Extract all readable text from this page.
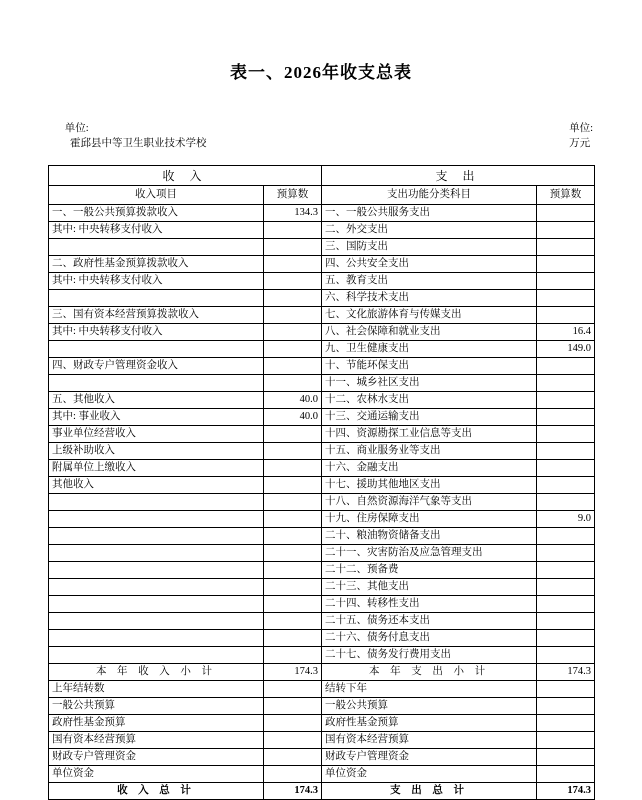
表一、2026年收支总表

单位:
霍邱县中等卫生职业技术学校

单位:
万元

收 入		支 出	
收入项目	预算数	支出功能分类科目	预算数
一、一般公共预算拨款收入	134.3	一、一般公共服务支出	
其中: 中央转移支付收入		二、外交支出	
		三、国防支出	
二、政府性基金预算拨款收入		四、公共安全支出	
其中: 中央转移支付收入		五、教育支出	
		六、科学技术支出	
三、国有资本经营预算拨款收入		七、文化旅游体育与传媒支出	
其中: 中央转移支付收入		八、社会保障和就业支出	16.4
		九、卫生健康支出	149.0
四、财政专户管理资金收入		十、节能环保支出	
		十一、城乡社区支出	
五、其他收入	40.0	十二、农林水支出	
其中: 事业收入	40.0	十三、交通运输支出	
事业单位经营收入		十四、资源勘探工业信息等支出	
上级补助收入		十五、商业服务业等支出	
附属单位上缴收入		十六、金融支出	
其他收入		十七、援助其他地区支出	
		十八、自然资源海洋气象等支出	
		十九、住房保障支出	9.0
		二十、粮油物资储备支出	
		二十一、灾害防治及应急管理支出	
		二十二、预备费	
		二十三、其他支出	
		二十四、转移性支出	
		二十五、债务还本支出	
		二十六、债务付息支出	
		二十七、债务发行费用支出	
本 年 收 入 小 计	174.3	本 年 支 出 小 计	174.3
上年结转数		结转下年	
一般公共预算		一般公共预算	
政府性基金预算		政府性基金预算	
国有资本经营预算		国有资本经营预算	
财政专户管理资金		财政专户管理资金	
单位资金		单位资金	
收 入 总 计	174.3	支 出 总 计	174.3
